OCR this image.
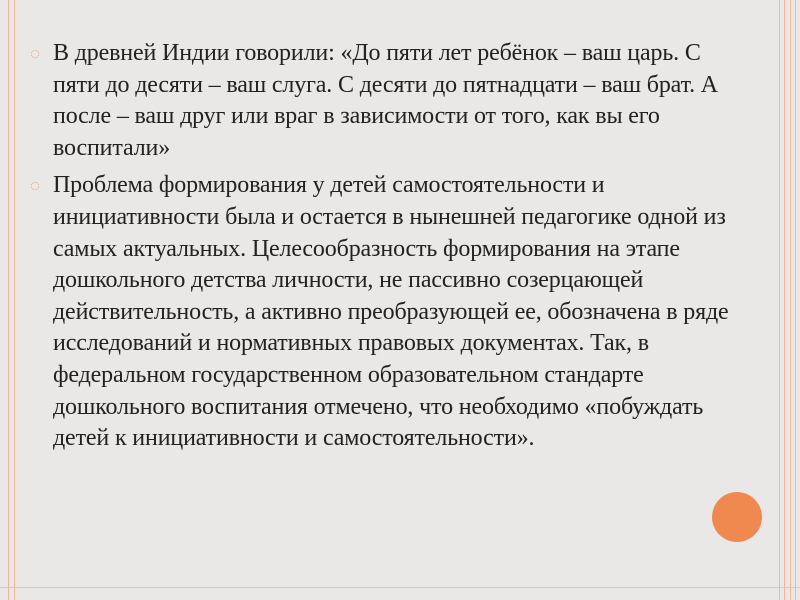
◌ В древней Индии говорили: «До пяти лет ребёнок – ваш царь. С
пяти до десяти – ваш слуга. С десяти до пятнадцати – ваш брат. А
после – ваш друг или враг в зависимости от того, как вы его
воспитали»
◌ Проблема формирования у детей самостоятельности и
инициативности была и остается в нынешней педагогике одной из
самых актуальных. Целесообразность формирования на этапе
дошкольного детства личности, не пассивно созерцающей
действительность, а активно преобразующей ее, обозначена в ряде
исследований и нормативных правовых документах. Так, в
федеральном государственном образовательном стандарте
дошкольного воспитания отмечено, что необходимо «побуждать
детей к инициативности и самостоятельности».
